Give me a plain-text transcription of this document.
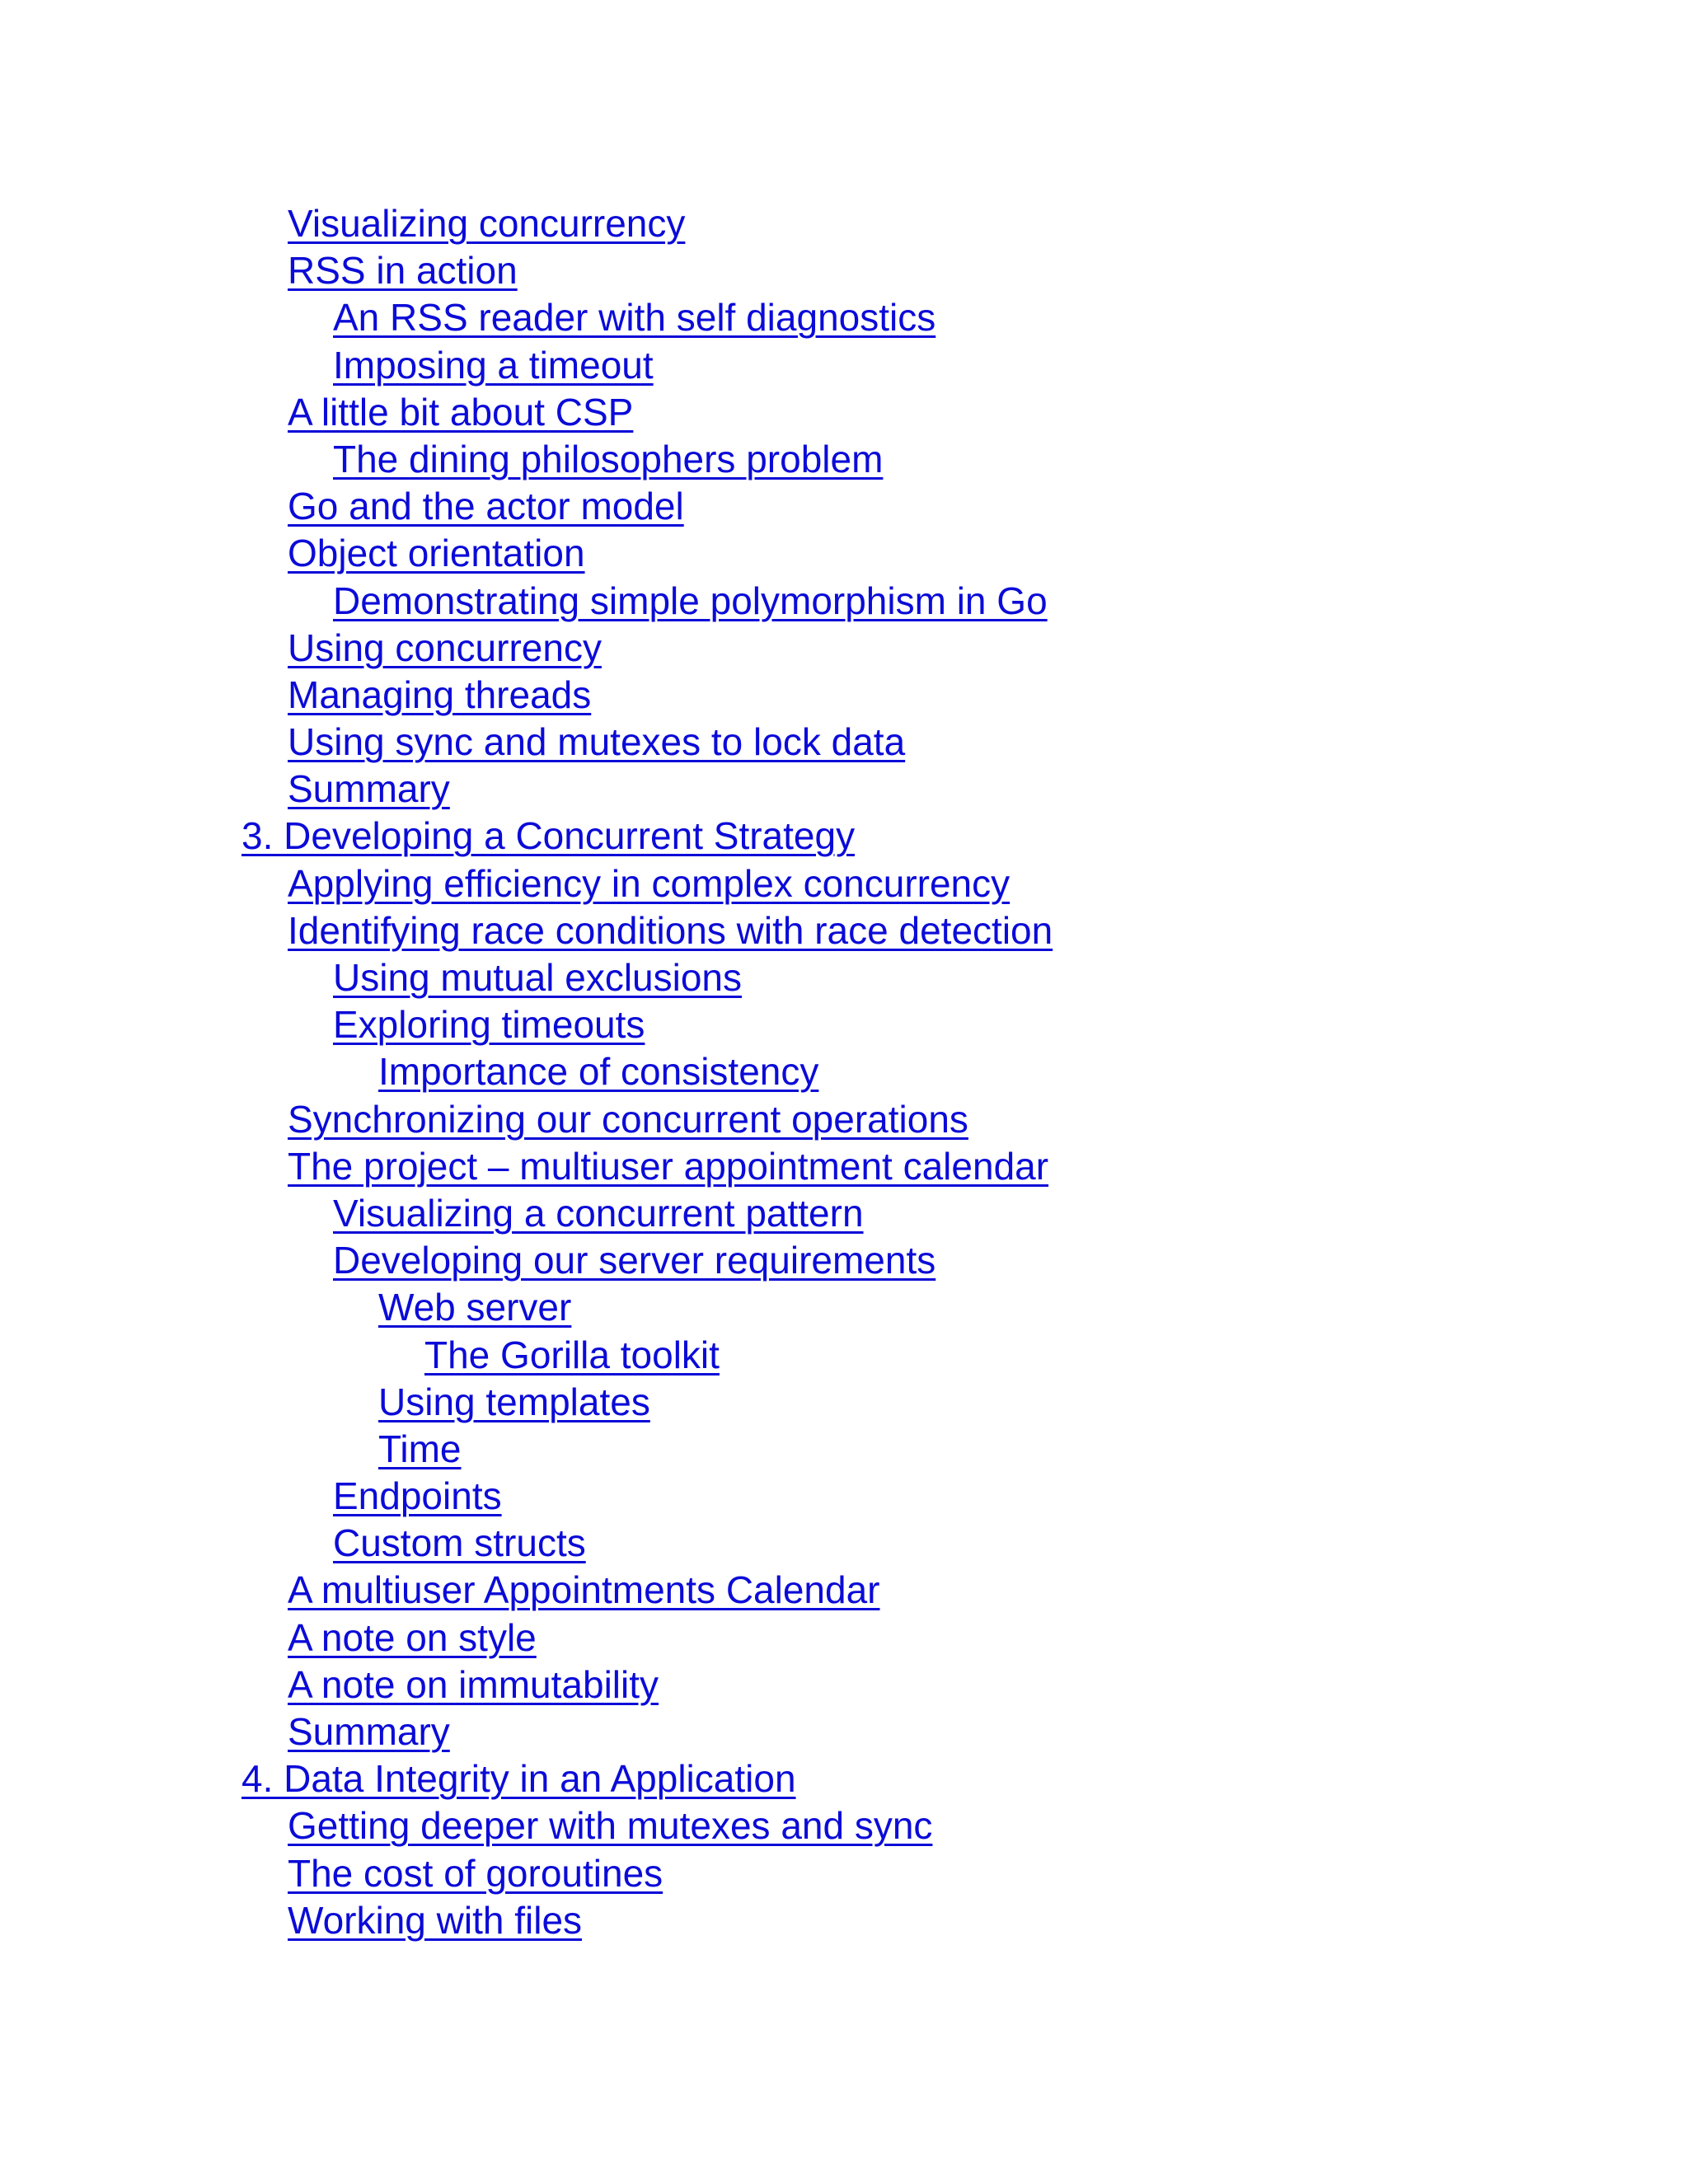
Visualizing concurrency
RSS in action
An RSS reader with self diagnostics
Imposing a timeout
A little bit about CSP
The dining philosophers problem
Go and the actor model
Object orientation
Demonstrating simple polymorphism in Go
Using concurrency
Managing threads
Using sync and mutexes to lock data
Summary
3. Developing a Concurrent Strategy
Applying efficiency in complex concurrency
Identifying race conditions with race detection
Using mutual exclusions
Exploring timeouts
Importance of consistency
Synchronizing our concurrent operations
The project – multiuser appointment calendar
Visualizing a concurrent pattern
Developing our server requirements
Web server
The Gorilla toolkit
Using templates
Time
Endpoints
Custom structs
A multiuser Appointments Calendar
A note on style
A note on immutability
Summary
4. Data Integrity in an Application
Getting deeper with mutexes and sync
The cost of goroutines
Working with files
